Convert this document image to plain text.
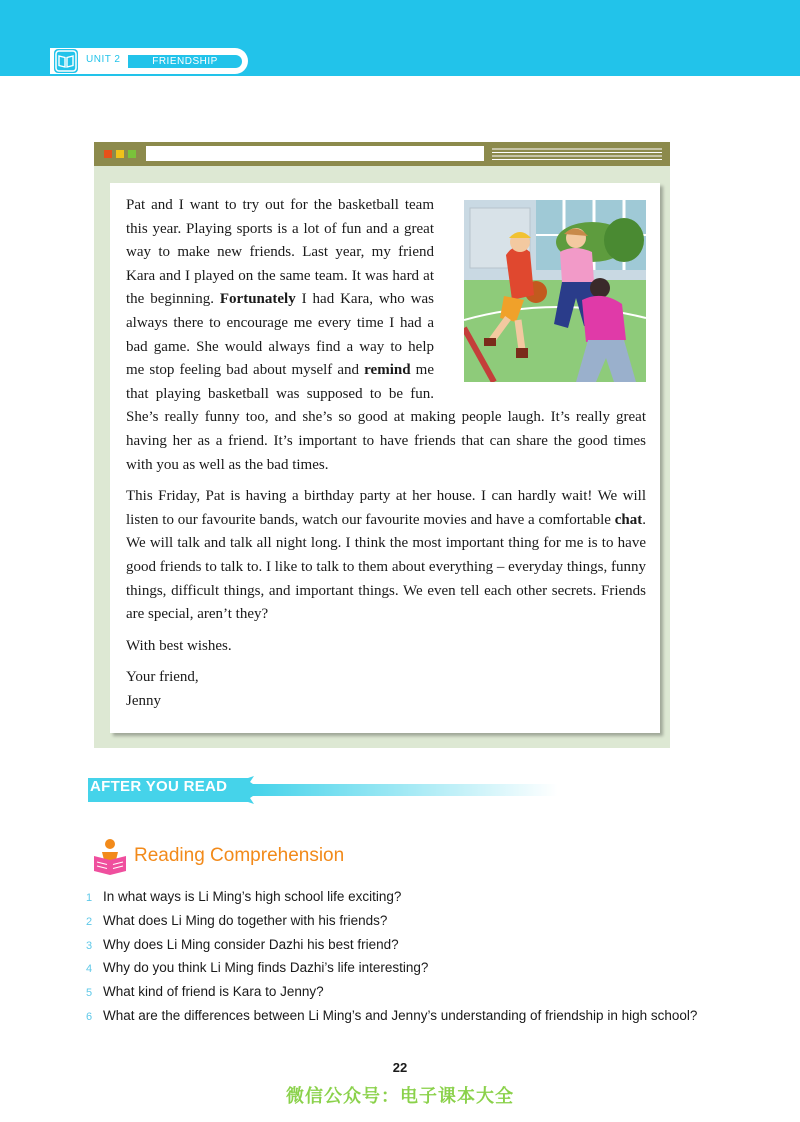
UNIT 2	FRIENDSHIP

Pat and I want to try out for the basketball team this year. Playing sports is a lot of fun and a great way to make new friends. Last year, my friend Kara and I played on the same team. It was hard at the beginning. Fortunately I had Kara, who was always there to encourage me every time I had a bad game. She would always find a way to help me stop feeling bad about myself and remind me that playing basketball was supposed to be fun. She’s really funny too, and she’s so good at making people laugh. It’s really great having her as a friend. It’s important to have friends that can share the good times with you as well as the bad times.

This Friday, Pat is having a birthday party at her house. I can hardly wait! We will listen to our favourite bands, watch our favourite movies and have a comfortable chat. We will talk and talk all night long. I think the most important thing for me is to have good friends to talk to. I like to talk to them about everything – everyday things, funny things, difficult things, and important things. We even tell each other secrets. Friends are special, aren’t they?

With best wishes.

Your friend,
Jenny

AFTER YOU READ
Reading Comprehension
1 In what ways is Li Ming’s high school life exciting?
2 What does Li Ming do together with his friends?
3 Why does Li Ming consider Dazhi his best friend?
4 Why do you think Li Ming finds Dazhi’s life interesting?
5 What kind of friend is Kara to Jenny?
6 What are the differences between Li Ming’s and Jenny’s understanding of friendship in high school?
22
微信公众号：电子课本大全
